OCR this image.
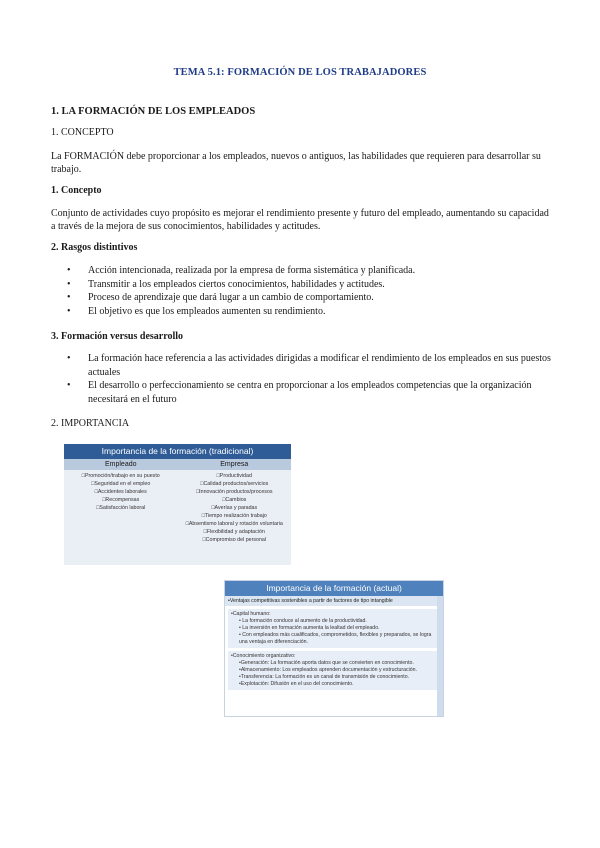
TEMA 5.1: FORMACIÓN DE LOS TRABAJADORES
1. LA FORMACIÓN DE LOS EMPLEADOS
1. CONCEPTO
La FORMACIÓN debe proporcionar a los empleados, nuevos o antiguos, las habilidades que requieren para desarrollar su trabajo.
1. Concepto
Conjunto de actividades cuyo propósito es mejorar el rendimiento presente y futuro del empleado, aumentando su capacidad a través de la mejora de sus conocimientos, habilidades y actitudes.
2. Rasgos distintivos
• Acción intencionada, realizada por la empresa de forma sistemática y planificada.
• Transmitir a los empleados ciertos conocimientos, habilidades y actitudes.
• Proceso de aprendizaje que dará lugar a un cambio de comportamiento.
• El objetivo es que los empleados aumenten su rendimiento.
3. Formación versus desarrollo
• La formación hace referencia a las actividades dirigidas a modificar el rendimiento de los empleados en sus puestos actuales
• El desarrollo o perfeccionamiento se centra en proporcionar a los empleados competencias que la organización necesitará en el futuro
2. IMPORTANCIA
Importancia de la formación (tradicional)
Empleado	Empresa
□Promoción/trabajo en su puesto
□Seguridad en el empleo
□Accidentes laborales
□Recompensas
□Satisfacción laboral
□Productividad
□Calidad productos/servicios
□Innovación productos/procesos
□Cambios
□Averías y paradas
□Tiempo realización trabajo
□Absentismo laboral y rotación voluntaria
□Flexibilidad y adaptación
□Compromiso del personal
Importancia de la formación (actual)
•Ventajas competitivas sostenibles a partir de factores de tipo intangible
•Capital humano:
• La formación conduce al aumento de la productividad.
• La inversión en formación aumenta la lealtad del empleado.
• Con empleados más cualificados, comprometidos, flexibles y preparados, se logra una ventaja en diferenciación.
•Conocimiento organizativo:
•Generación: La formación aporta datos que se convierten en conocimiento.
•Almacenamiento: Los empleados aprenden documentación y estructuración.
•Transferencia: La formación es un canal de transmisión de conocimiento.
•Explotación: Difusión en el uso del conocimiento.
